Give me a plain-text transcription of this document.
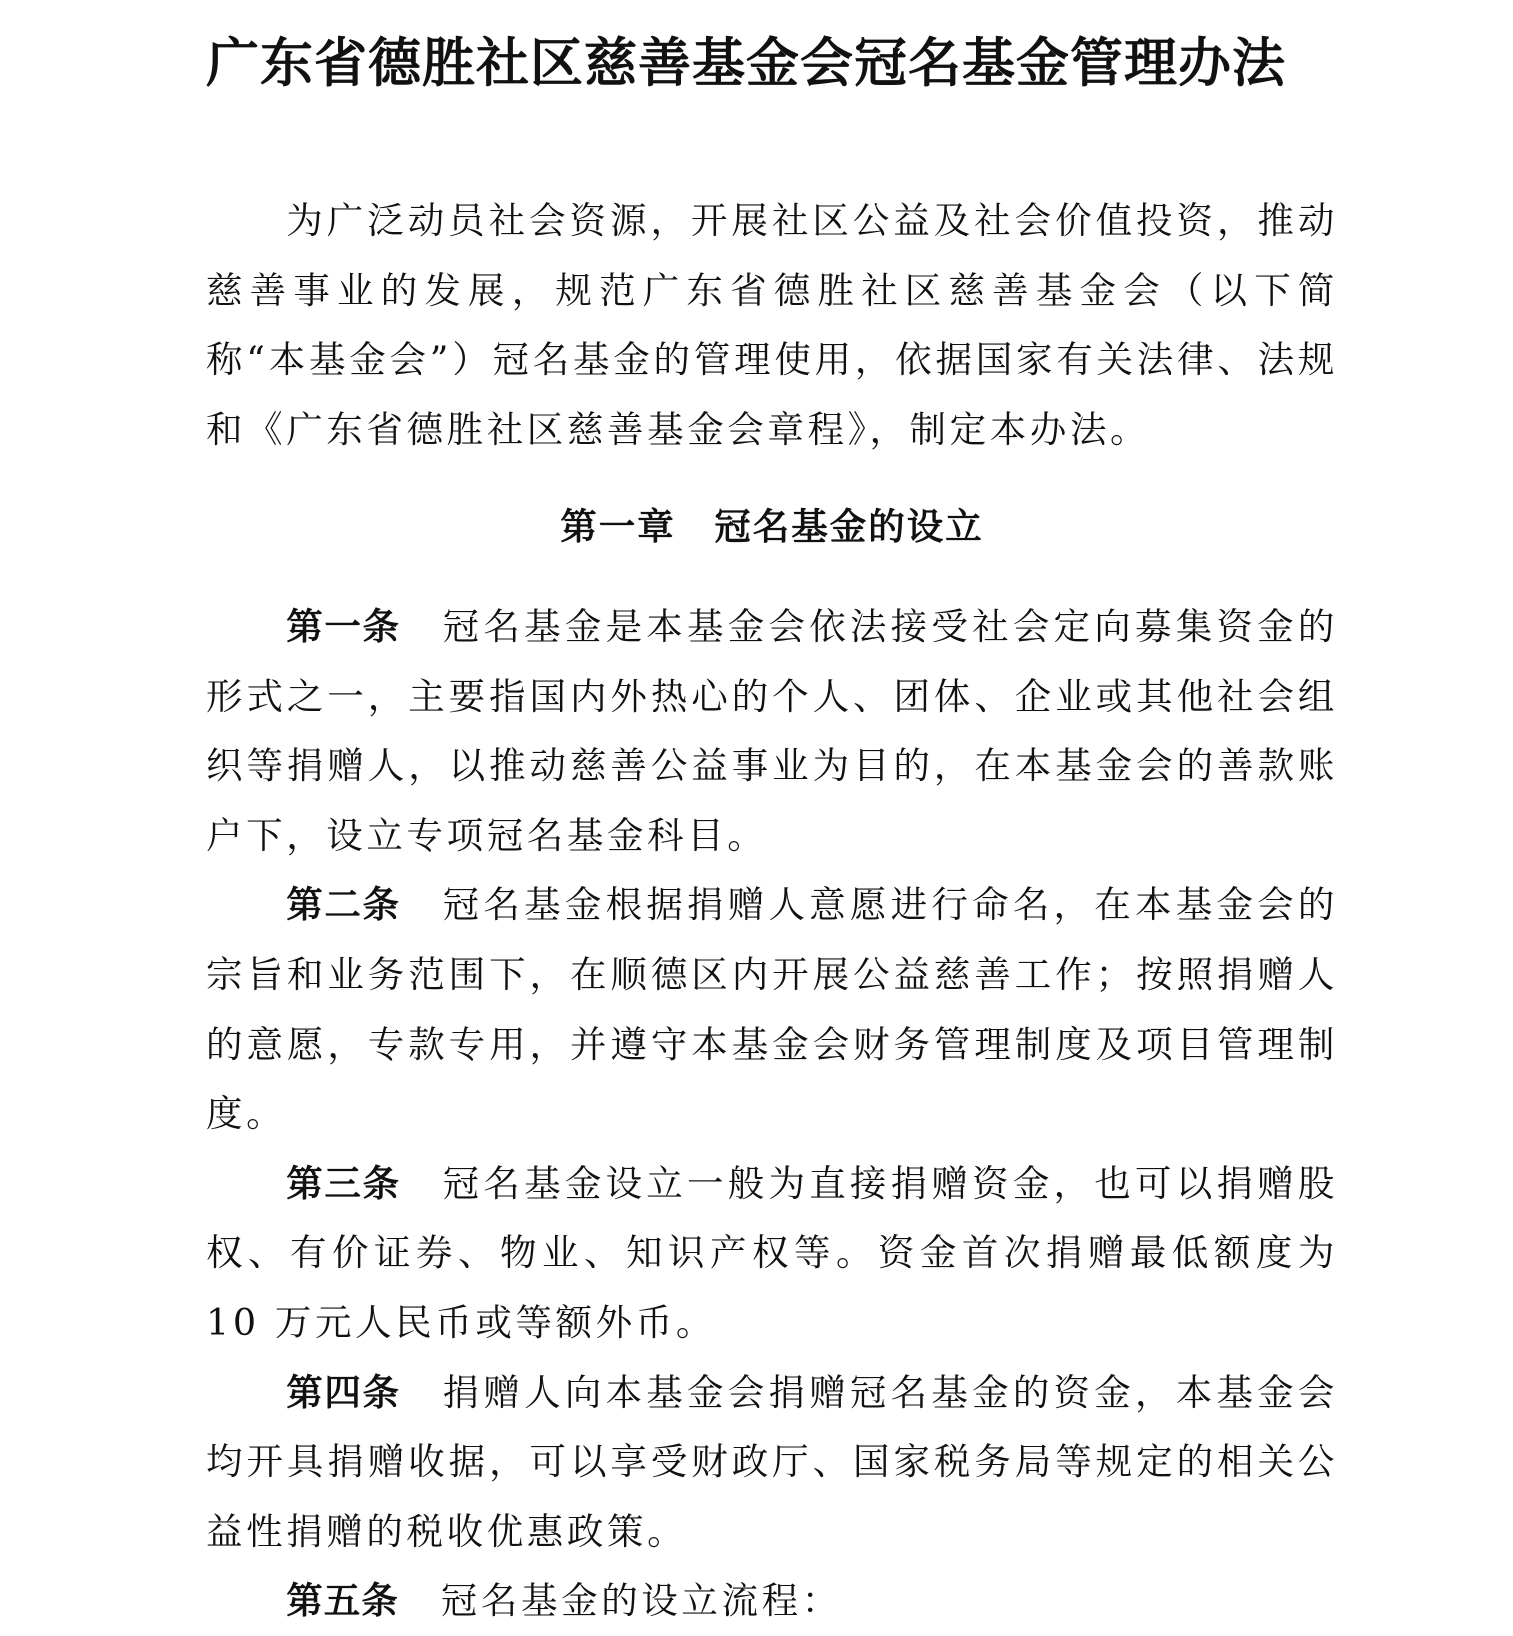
广东省德胜社区慈善基金会冠名基金管理办法

为广泛动员社会资源，开展社区公益及社会价值投资，推动慈善事业的发展，规范广东省德胜社区慈善基金会（以下简称“本基金会”）冠名基金的管理使用，依据国家有关法律、法规和《广东省德胜社区慈善基金会章程》，制定本办法。

第一章　冠名基金的设立

第一条 冠名基金是本基金会依法接受社会定向募集资金的形式之一，主要指国内外热心的个人、团体、企业或其他社会组织等捐赠人，以推动慈善公益事业为目的，在本基金会的善款账户下，设立专项冠名基金科目。

第二条 冠名基金根据捐赠人意愿进行命名，在本基金会的宗旨和业务范围下，在顺德区内开展公益慈善工作；按照捐赠人的意愿，专款专用，并遵守本基金会财务管理制度及项目管理制度。

第三条 冠名基金设立一般为直接捐赠资金，也可以捐赠股权、有价证券、物业、知识产权等。资金首次捐赠最低额度为 10 万元人民币或等额外币。

第四条 捐赠人向本基金会捐赠冠名基金的资金，本基金会均开具捐赠收据，可以享受财政厅、国家税务局等规定的相关公益性捐赠的税收优惠政策。

第五条 冠名基金的设立流程：
